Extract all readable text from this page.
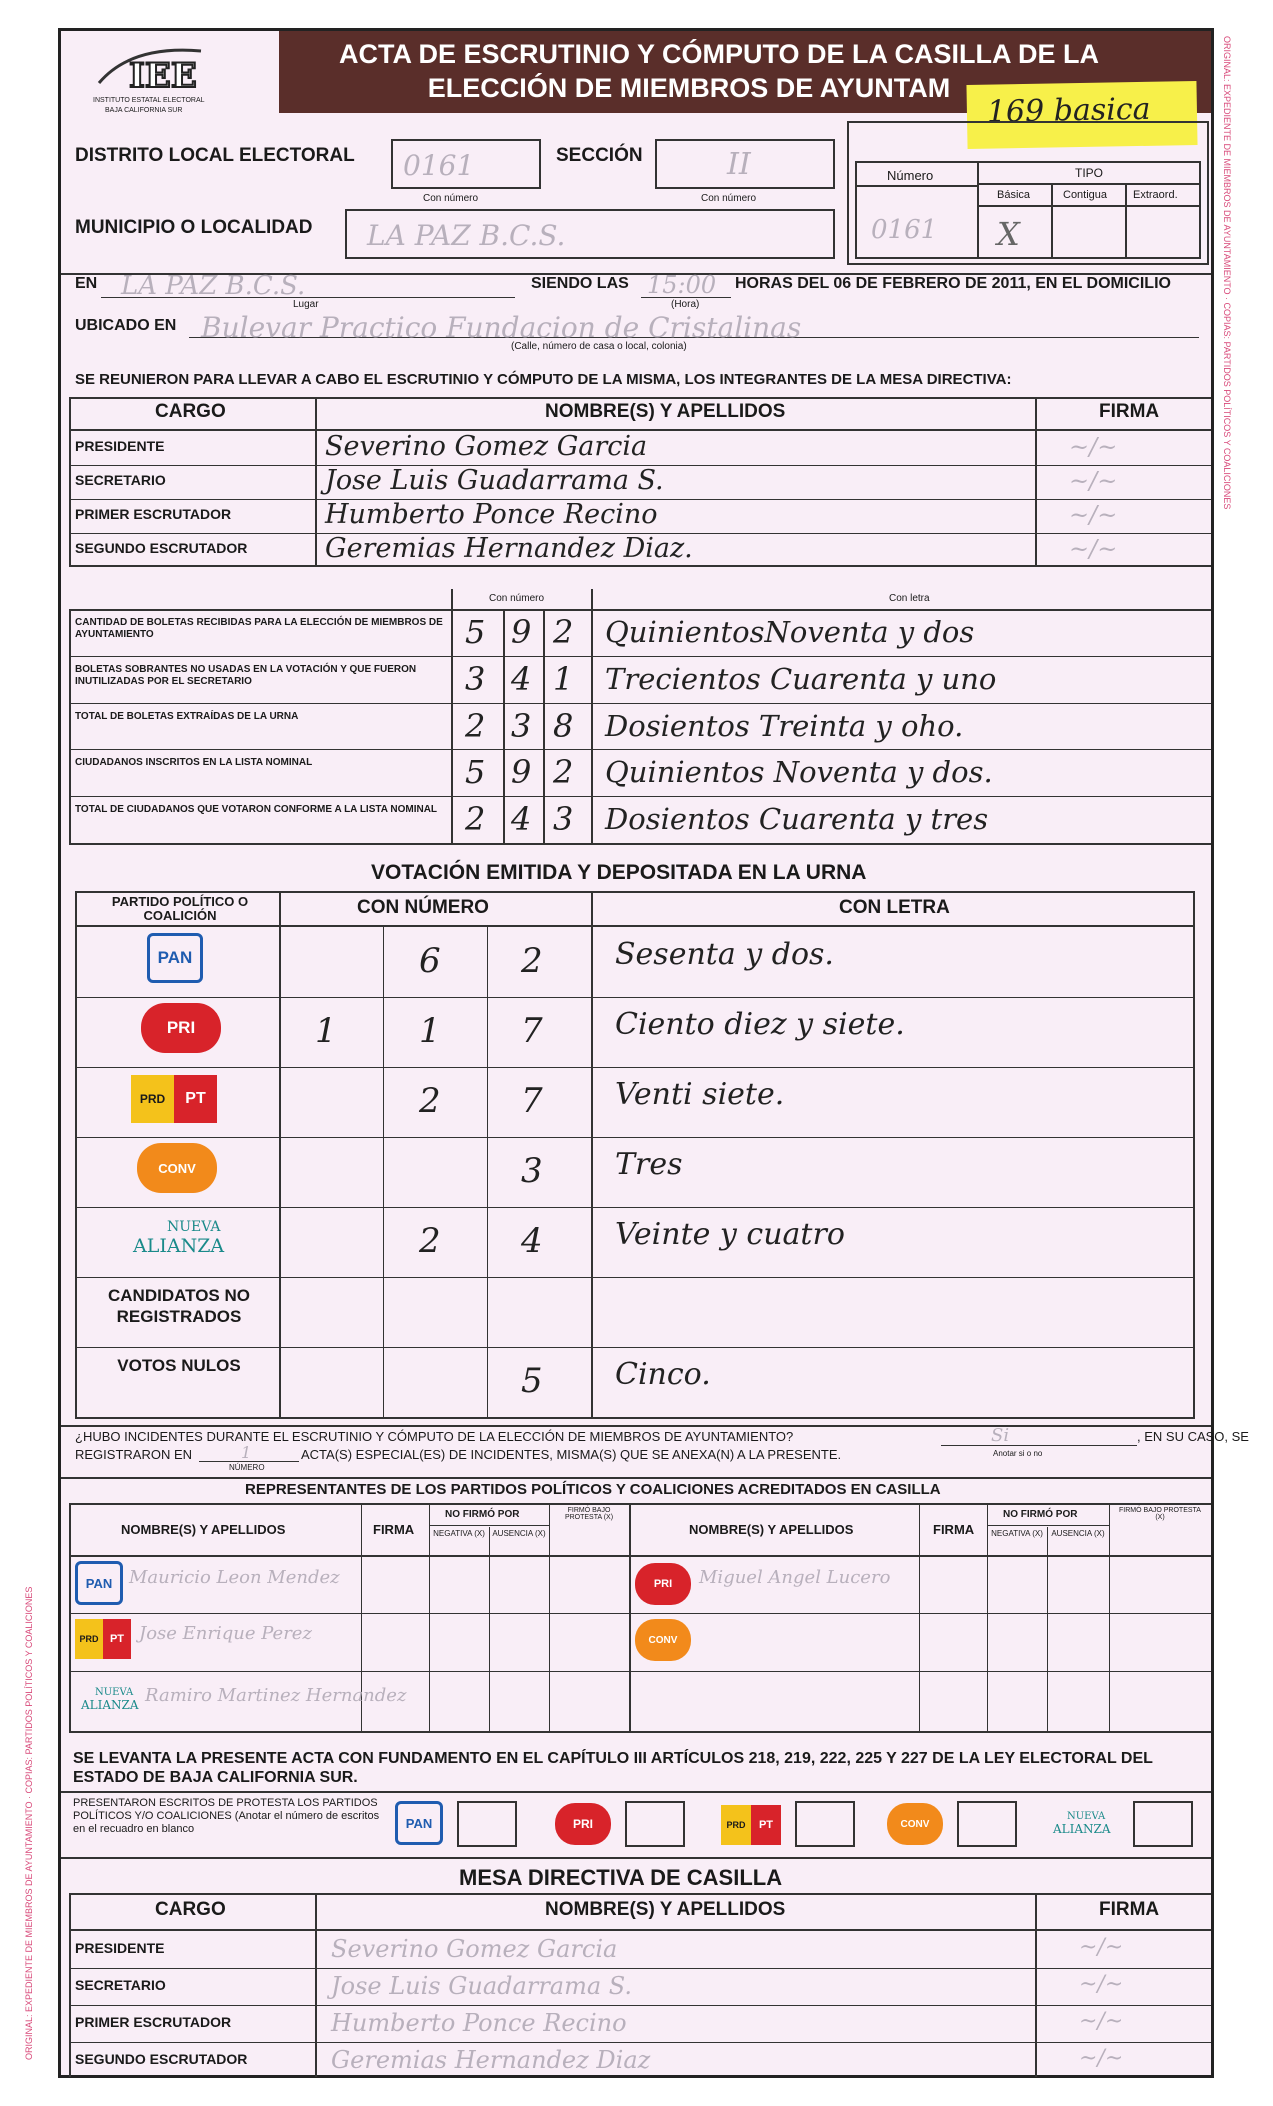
IEE
INSTITUTO ESTATAL ELECTORAL
BAJA CALIFORNIA SUR
ACTA DE ESCRUTINIO Y CÓMPUTO DE LA CASILLA DE LA
ELECCIÓN DE MIEMBROS DE AYUNTAM
169 basica
DISTRITO LOCAL ELECTORAL 0161
Con número
SECCIÓN	II
Con número
MUNICIPIO O LOCALIDAD LA PAZ B.C.S.
Número	TIPO
Básica	Contigua Extraord.
0161 X
EN LA PAZ B.C.S.
Lugar
SIENDO LAS 15:00
(Hora)
HORAS DEL 06 DE FEBRERO DE 2011, EN EL DOMICILIO
UBICADO EN Bulevar Practico Fundacion de Cristalinas
(Calle, número de casa o local, colonia)
SE REUNIERON PARA LLEVAR A CABO EL ESCRUTINIO Y CÓMPUTO DE LA MISMA, LOS INTEGRANTES DE LA MESA DIRECTIVA:
CARGO	NOMBRE(S) Y APELLIDOS	FIRMA
PRESIDENTE	Severino Gomez Garcia	~/~
SECRETARIO	Jose Luis Guadarrama S.	~/~
PRIMER ESCRUTADOR	Humberto Ponce Recino	~/~
SEGUNDO ESCRUTADOR	Geremias Hernandez Diaz.	~/~
Con número	Con letra
CANTIDAD DE BOLETAS RECIBIDAS PARA LA ELECCIÓN DE MIEMBROS DE AYUNTAMIENTO	5 9 2 QuinientosNoventa y dos
BOLETAS SOBRANTES NO USADAS EN LA VOTACIÓN Y QUE FUERON INUTILIZADAS POR EL SECRETARIO	3 4 1 Trecientos Cuarenta y uno
TOTAL DE BOLETAS EXTRAÍDAS DE LA URNA	2 3 8 Dosientos Treinta y oho.
CIUDADANOS INSCRITOS EN LA LISTA NOMINAL	5 9 2 Quinientos Noventa y dos.
TOTAL DE CIUDADANOS QUE VOTARON CONFORME A LA LISTA NOMINAL 2 4 3 Dosientos Cuarenta y tres
VOTACIÓN EMITIDA Y DEPOSITADA EN LA URNA
PARTIDO POLÍTICO O COALICIÓN	CON NÚMERO	CON LETRA
PAN	6 2 Sesenta y dos.
PRI	1 1 7 Ciento diez y siete.
PRD	PT	2 7 Venti siete.
CONV	3 Tres
NUEVA
ALIANZA	2 4 Veinte y cuatro
CANDIDATOS NO REGISTRADOS
VOTOS NULOS	5 Cinco.
¿HUBO INCIDENTES DURANTE EL ESCRUTINIO Y CÓMPUTO DE LA ELECCIÓN DE MIEMBROS DE AYUNTAMIENTO?	Si	, EN SU CASO, SE
REGISTRARON EN	1	ACTA(S) ESPECIAL(ES) DE INCIDENTES, MISMA(S) QUE SE ANEXA(N) A LA PRESENTE.
NÚMERO
Anotar si o no
REPRESENTANTES DE LOS PARTIDOS POLÍTICOS Y COALICIONES ACREDITADOS EN CASILLA
NOMBRE(S) Y APELLIDOS	FIRMA
NO FIRMÓ POR
NEGATIVA (X) AUSENCIA (X)
FIRMÓ BAJO PROTESTA (X)
NOMBRE(S) Y APELLIDOS	FIRMA
NO FIRMÓ POR
NEGATIVA (X) AUSENCIA (X)
FIRMÓ BAJO PROTESTA (X)
PAN Mauricio Leon Mendez
PRD	PT Jose Enrique Perez
NUEVA
ALIANZA Ramiro Martinez Hernandez
PRI	Miguel Angel Lucero
CONV
SE LEVANTA LA PRESENTE ACTA CON FUNDAMENTO EN EL CAPÍTULO III ARTÍCULOS 218, 219, 222, 225 Y 227 DE LA LEY ELECTORAL DEL ESTADO DE BAJA CALIFORNIA SUR.
PRESENTARON ESCRITOS DE PROTESTA LOS PARTIDOS POLÍTICOS Y/O COALICIONES (Anotar el número de escritos en el recuadro en blanco	PAN	PRI	PRD	PT	CONV
NUEVA
ALIANZA
MESA DIRECTIVA DE CASILLA
CARGO	NOMBRE(S) Y APELLIDOS	FIRMA
PRESIDENTE	Severino Gomez Garcia	~/~
SECRETARIO	Jose Luis Guadarrama S.	~/~
PRIMER ESCRUTADOR	Humberto Ponce Recino	~/~
SEGUNDO ESCRUTADOR	Geremias Hernandez Diaz	~/~
ORIGINAL: EXPEDIENTE DE MIEMBROS DE AYUNTAMIENTO · COPIAS: PARTIDOS POLÍTICOS Y COALICIONES
ORIGINAL: EXPEDIENTE DE MIEMBROS DE AYUNTAMIENTO · COPIAS: PARTIDOS POLÍTICOS Y COALICIONES
